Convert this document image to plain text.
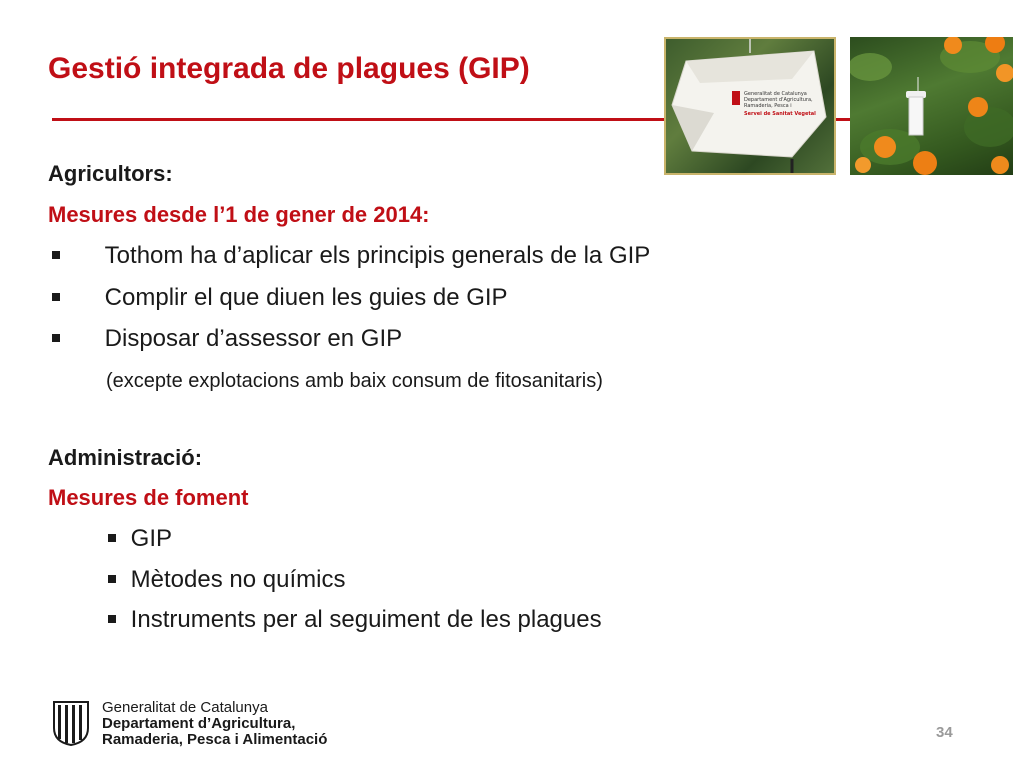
Gestió integrada de plagues (GIP)
Generalitat de Catalunya
Departament d'Agricultura,
Ramaderia, Pesca i
Servei de Sanitat Vegetal
Agricultors:
Mesures desde l’1 de gener de 2014:
Tothom ha d’aplicar els principis generals de la GIP
Complir el que diuen les guies de GIP
Disposar d’assessor en GIP
(excepte explotacions amb baix consum de fitosanitaris)
Administració:
Mesures de foment
GIP
Mètodes no químics
Instruments per al seguiment de les plagues
Generalitat de Catalunya
Departament d’Agricultura,
Ramaderia, Pesca i Alimentació	34
